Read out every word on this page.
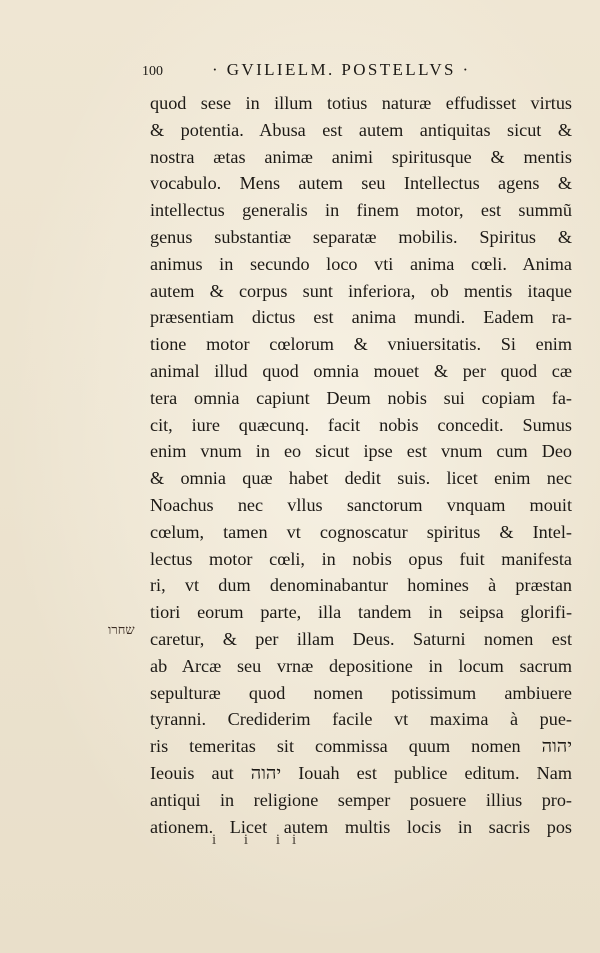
100	· GVILIELM. POSTELLVS ·
quod sese in illum totius naturæ effudisset virtus
& potentia. Abusa est autem antiquitas sicut &
nostra ætas animæ animi spiritusque & mentis
vocabulo. Mens autem seu Intellectus agens &
intellectus generalis in finem motor, est summũ
genus substantiæ separatæ mobilis. Spiritus &
animus in secundo loco vti anima cœli. Anima
autem & corpus sunt inferiora, ob mentis itaque
præsentiam dictus est anima mundi. Eadem ra-
tione motor cœlorum & vniuersitatis. Si enim
animal illud quod omnia mouet & per quod cæ
tera omnia capiunt Deum nobis sui copiam fa-
cit, iure quæcunq. facit nobis concedit. Sumus
enim vnum in eo sicut ipse est vnum cum Deo
& omnia quæ habet dedit suis. licet enim nec
Noachus nec vllus sanctorum vnquam mouit
cœlum, tamen vt cognoscatur spiritus & Intel-
lectus motor cœli, in nobis opus fuit manifesta
ri, vt dum denominabantur homines à præstan
tiori eorum parte, illa tandem in seipsa glorifi-
caretur, & per illam Deus. Saturni nomen est
ab Arcæ seu vrnæ depositione in locum sacrum
sepulturæ quod nomen potissimum ambiuere
tyranni. Crediderim facile vt maxima à pue-
ris temeritas sit commissa quum nomen יהוה
Ieouis aut יהוה Iouah est publice editum. Nam
antiqui in religione semper posuere illius pro-
ationem. Licet autem multis locis in sacris pos
שחרו
i i ii
